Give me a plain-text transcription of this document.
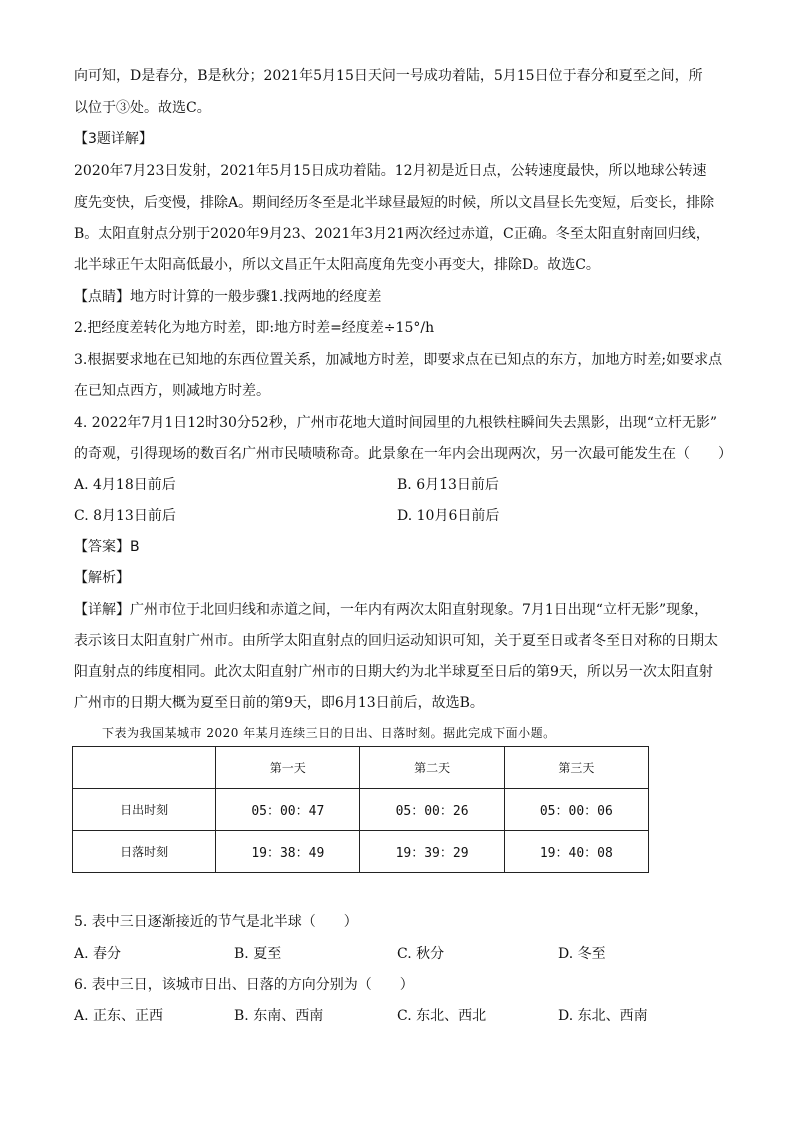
向可知，D是春分，B是秋分；2021年5月15日天问一号成功着陆，5月15日位于春分和夏至之间，所
以位于③处。故选C。
【3题详解】
2020年7月23日发射，2021年5月15日成功着陆。12月初是近日点，公转速度最快，所以地球公转速
度先变快，后变慢，排除A。期间经历冬至是北半球昼最短的时候，所以文昌昼长先变短，后变长，排除
B。太阳直射点分别于2020年9月23、2021年3月21两次经过赤道，C正确。冬至太阳直射南回归线，
北半球正午太阳高低最小，所以文昌正午太阳高度角先变小再变大，排除D。故选C。
【点睛】地方时计算的一般步骤1.找两地的经度差
2.把经度差转化为地方时差，即:地方时差=经度差÷15°/h
3.根据要求地在已知地的东西位置关系，加减地方时差，即要求点在已知点的东方，加地方时差;如要求点
在已知点西方，则减地方时差。
4. 2022年7月1日12时30分52秒，广州市花地大道时间园里的九根铁柱瞬间失去黑影，出现“立杆无影”
的奇观，引得现场的数百名广州市民啧啧称奇。此景象在一年内会出现两次，另一次最可能发生在（　　）
A. 4月18日前后	B. 6月13日前后
C. 8月13日前后	D. 10月6日前后
【答案】B
【解析】
【详解】广州市位于北回归线和赤道之间，一年内有两次太阳直射现象。7月1日出现“立杆无影”现象，
表示该日太阳直射广州市。由所学太阳直射点的回归运动知识可知，关于夏至日或者冬至日对称的日期太
阳直射点的纬度相同。此次太阳直射广州市的日期大约为北半球夏至日后的第9天，所以另一次太阳直射
广州市的日期大概为夏至日前的第9天，即6月13日前后，故选B。
下表为我国某城市 2020 年某月连续三日的日出、日落时刻。据此完成下面小题。
	第一天	第二天	第三天
日出时刻	05：00：47	05：00：26	05：00：06
日落时刻	19：38：49	19：39：29	19：40：08
5. 表中三日逐渐接近的节气是北半球（　　）
A. 春分	B. 夏至	C. 秋分	D. 冬至
6. 表中三日，该城市日出、日落的方向分别为（　　）
A. 正东、正西	B. 东南、西南	C. 东北、西北	D. 东北、西南
